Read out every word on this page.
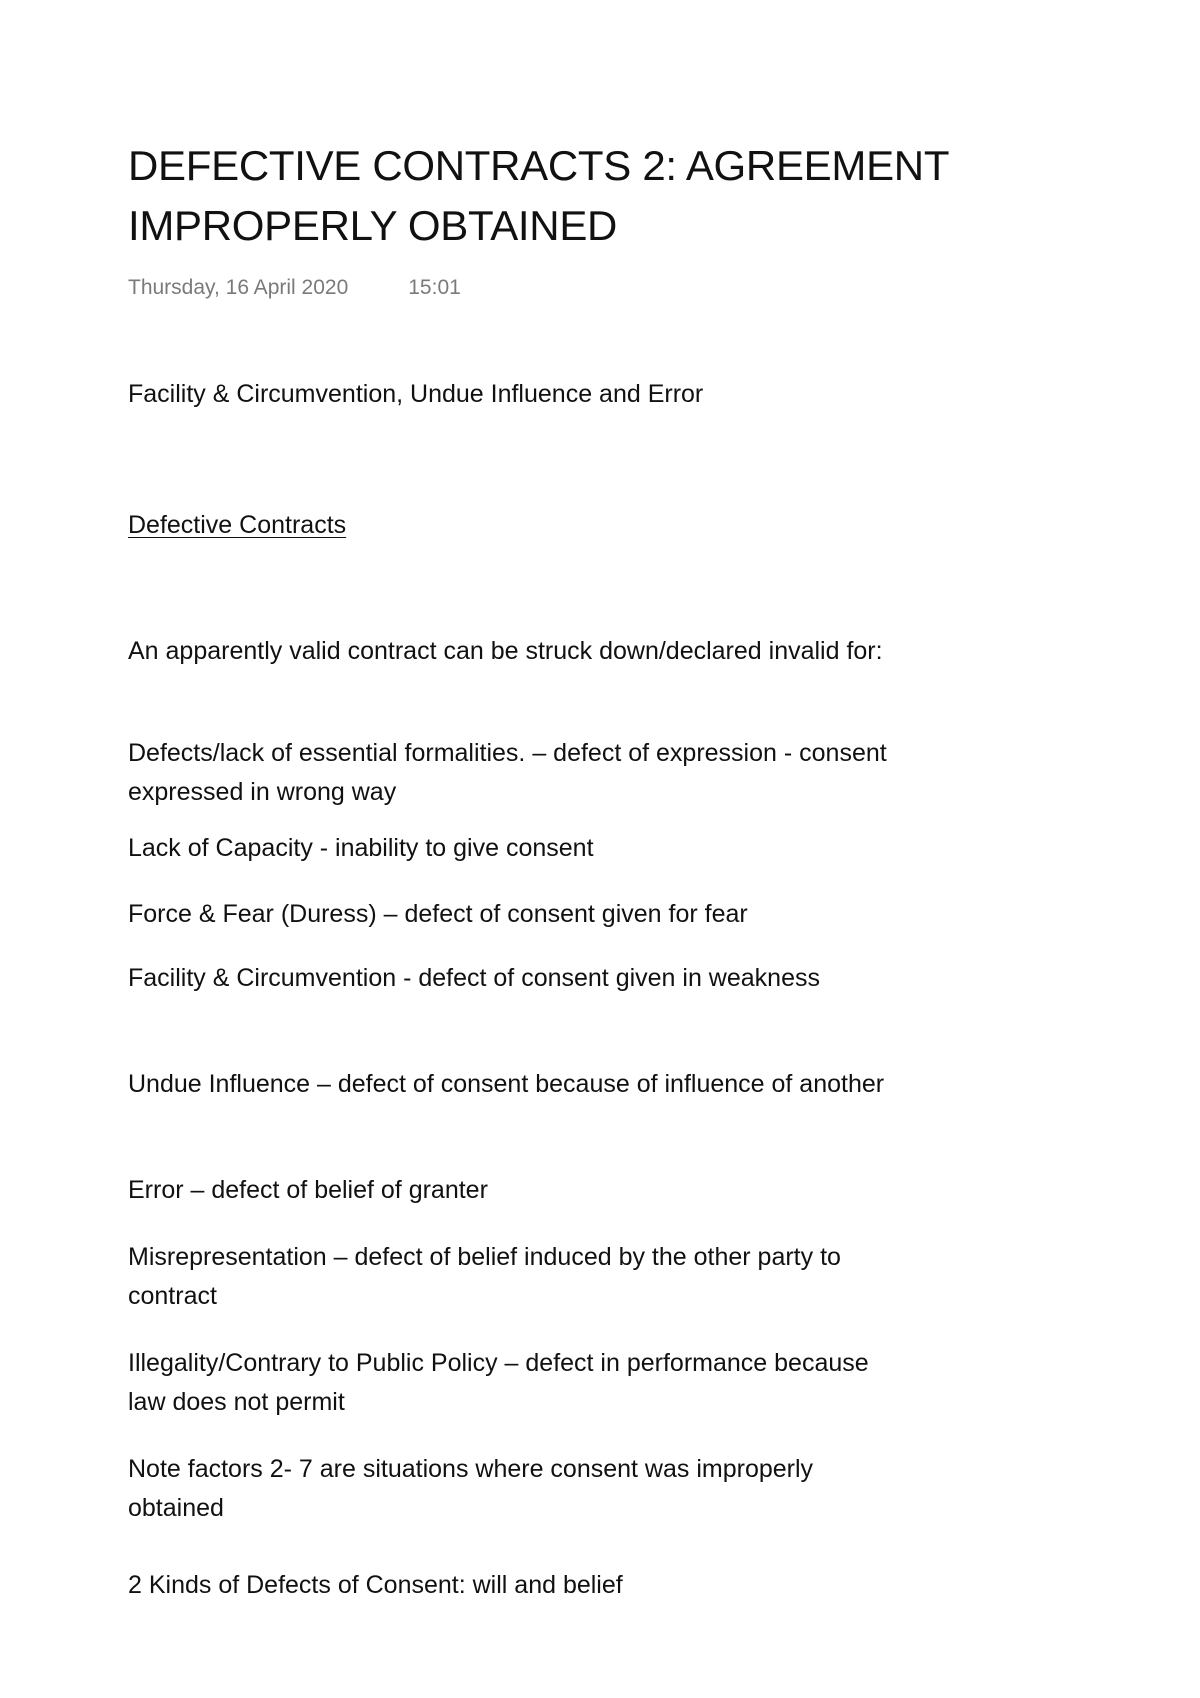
DEFECTIVE CONTRACTS 2: AGREEMENT IMPROPERLY OBTAINED
Thursday, 16 April 2020	15:01
Facility & Circumvention, Undue Influence and Error
Defective Contracts

An apparently valid contract can be struck down/declared invalid for:

Defects/lack of essential formalities. – defect of expression - consent expressed in wrong way

Lack of Capacity - inability to give consent

Force & Fear (Duress) – defect of consent given for fear

Facility & Circumvention - defect of consent given in weakness

Undue Influence – defect of consent because of influence of another

Error – defect of belief of granter

Misrepresentation – defect of belief induced by the other party to contract

Illegality/Contrary to Public Policy – defect in performance because law does not permit

Note factors 2- 7 are situations where consent was improperly obtained

2 Kinds of Defects of Consent: will and belief
